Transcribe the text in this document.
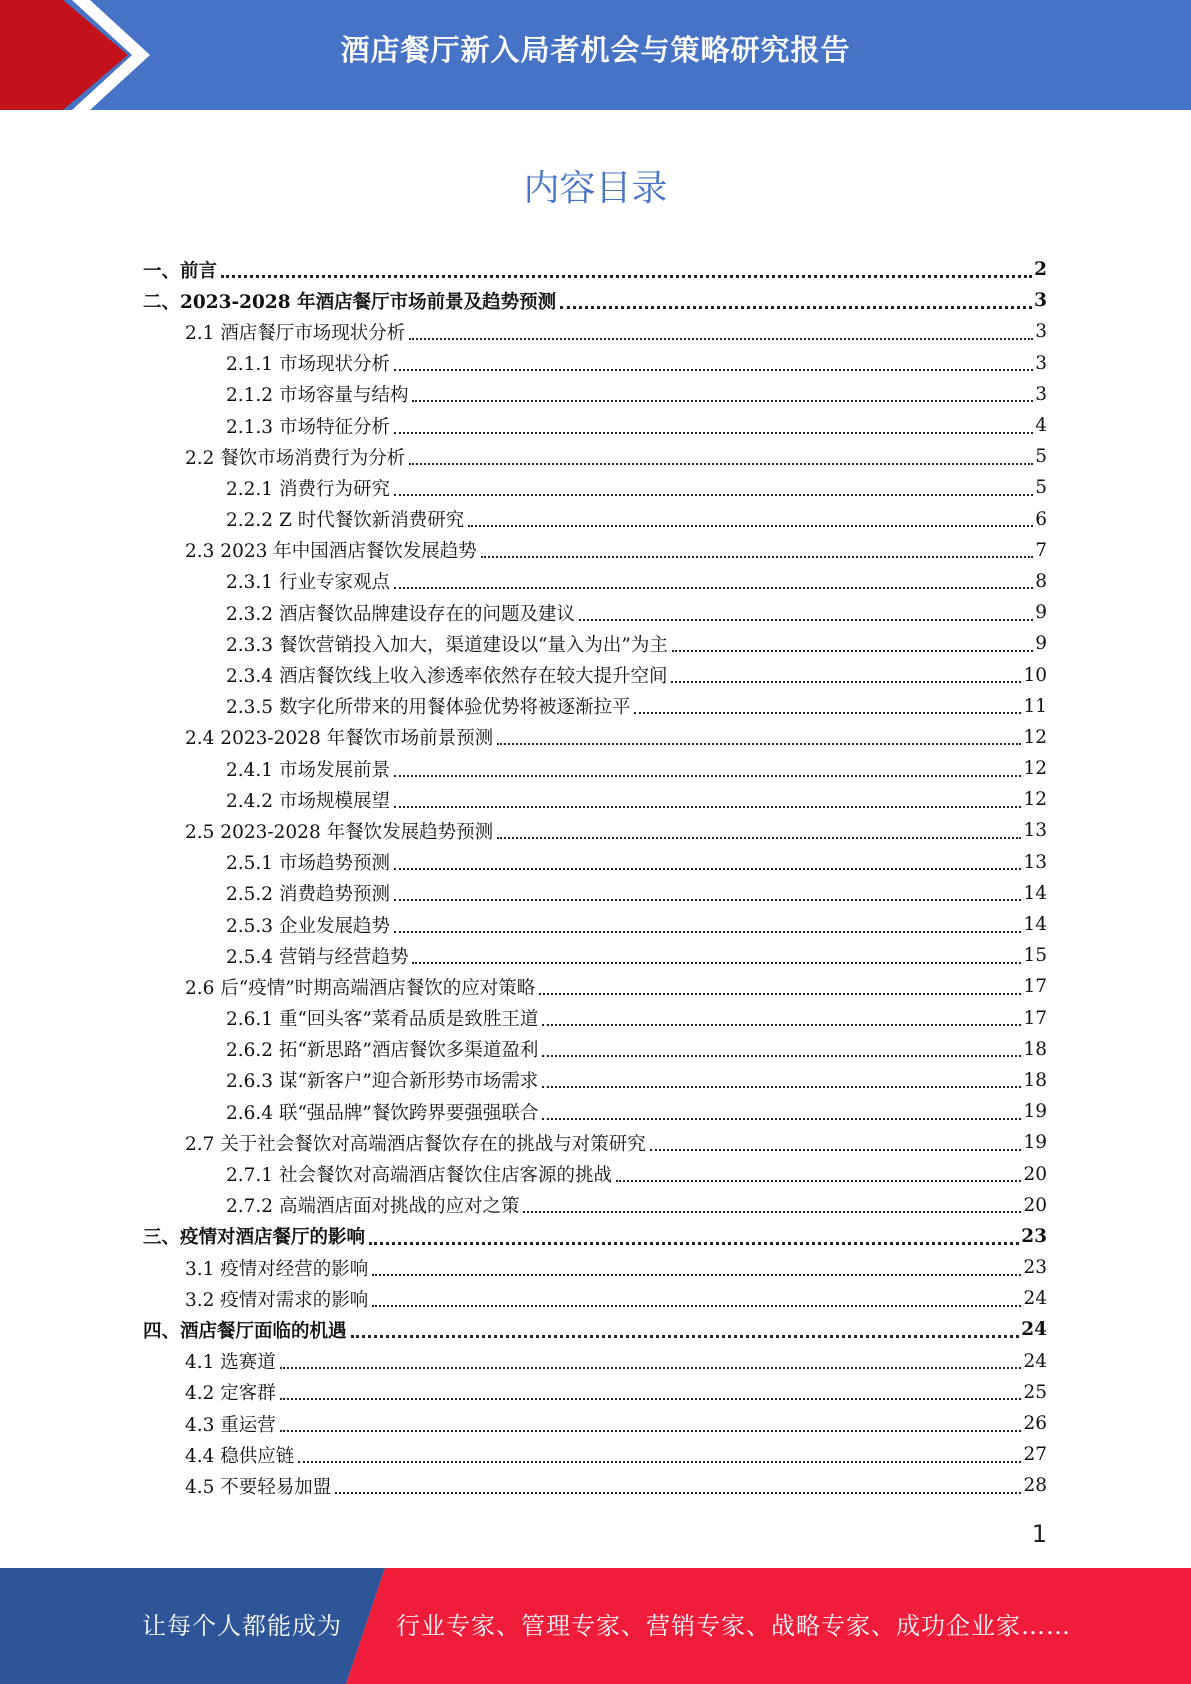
酒店餐厅新入局者机会与策略研究报告
内容目录
一、前言	2
二、2023-2028 年酒店餐厅市场前景及趋势预测	3
2.1 酒店餐厅市场现状分析	3
2.1.1 市场现状分析	3
2.1.2 市场容量与结构	3
2.1.3 市场特征分析	4
2.2 餐饮市场消费行为分析	5
2.2.1 消费行为研究	5
2.2.2 Z 时代餐饮新消费研究	6
2.3 2023 年中国酒店餐饮发展趋势	7
2.3.1 行业专家观点	8
2.3.2 酒店餐饮品牌建设存在的问题及建议	9
2.3.3 餐饮营销投入加大，渠道建设以“量入为出”为主	9
2.3.4 酒店餐饮线上收入渗透率依然存在较大提升空间	10
2.3.5 数字化所带来的用餐体验优势将被逐渐拉平	11
2.4 2023-2028 年餐饮市场前景预测	12
2.4.1 市场发展前景	12
2.4.2 市场规模展望	12
2.5 2023-2028 年餐饮发展趋势预测	13
2.5.1 市场趋势预测	13
2.5.2 消费趋势预测	14
2.5.3 企业发展趋势	14
2.5.4 营销与经营趋势	15
2.6 后“疫情”时期高端酒店餐饮的应对策略	17
2.6.1 重“回头客”菜肴品质是致胜王道	17
2.6.2 拓“新思路”酒店餐饮多渠道盈利	18
2.6.3 谋“新客户”迎合新形势市场需求	18
2.6.4 联“强品牌”餐饮跨界要强强联合	19
2.7 关于社会餐饮对高端酒店餐饮存在的挑战与对策研究	19
2.7.1 社会餐饮对高端酒店餐饮住店客源的挑战	20
2.7.2 高端酒店面对挑战的应对之策	20
三、疫情对酒店餐厅的影响	23
3.1 疫情对经营的影响	23
3.2 疫情对需求的影响	24
四、酒店餐厅面临的机遇	24
4.1 选赛道	24
4.2 定客群	25
4.3 重运营	26
4.4 稳供应链	27
4.5 不要轻易加盟	28
1
让每个人都能成为 行业专家、管理专家、营销专家、战略专家、成功企业家……
